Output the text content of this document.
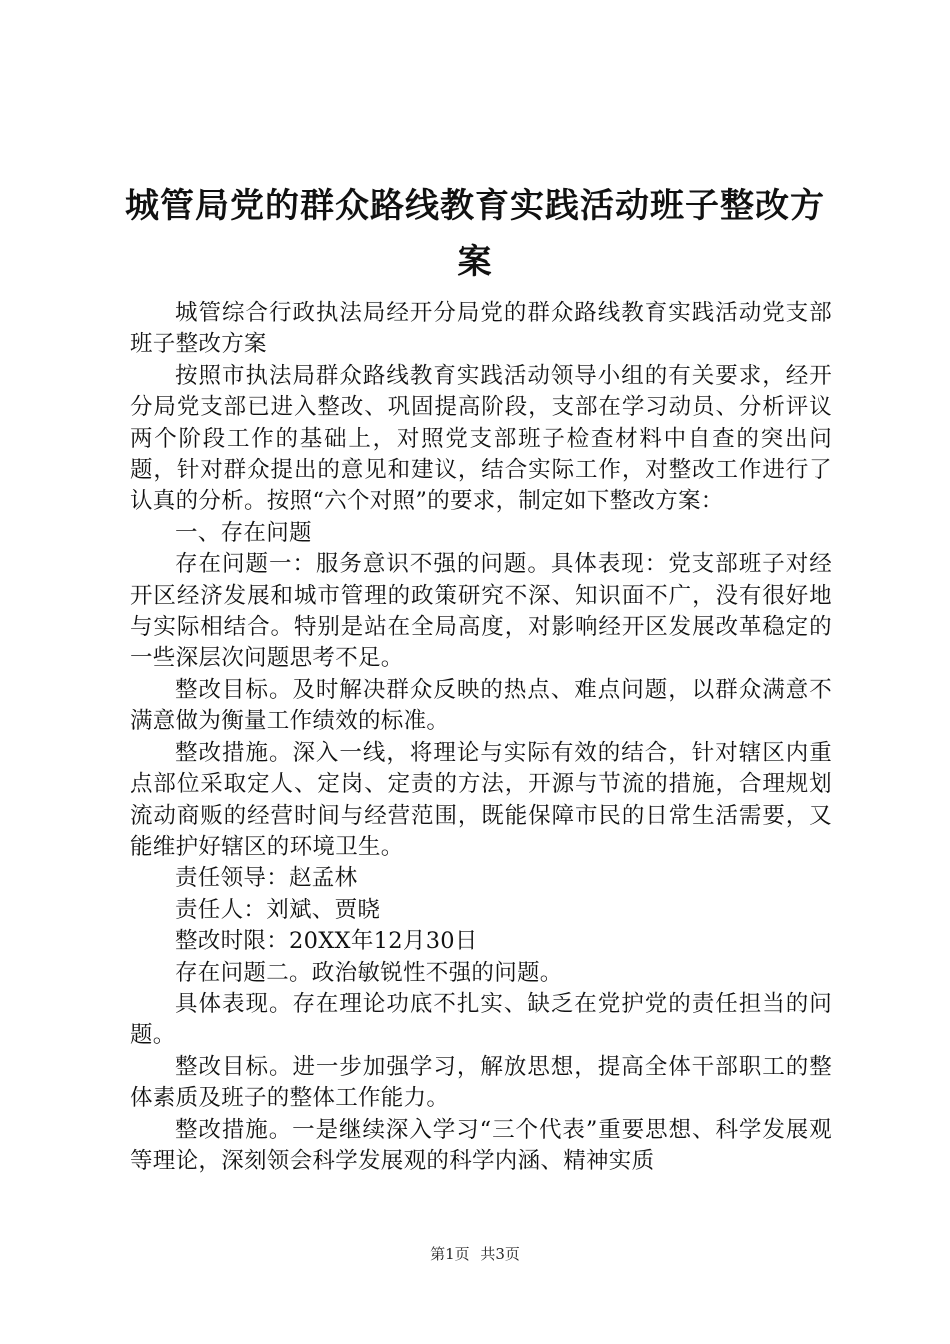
城管局党的群众路线教育实践活动班子整改方案

城管综合行政执法局经开分局党的群众路线教育实践活动党支部班子整改方案

按照市执法局群众路线教育实践活动领导小组的有关要求，经开分局党支部已进入整改、巩固提高阶段，支部在学习动员、分析评议两个阶段工作的基础上，对照党支部班子检查材料中自查的突出问题，针对群众提出的意见和建议，结合实际工作，对整改工作进行了认真的分析。按照“六个对照”的要求，制定如下整改方案：

一、存在问题

存在问题一：服务意识不强的问题。具体表现：党支部班子对经开区经济发展和城市管理的政策研究不深、知识面不广，没有很好地与实际相结合。特别是站在全局高度，对影响经开区发展改革稳定的一些深层次问题思考不足。

整改目标。及时解决群众反映的热点、难点问题，以群众满意不满意做为衡量工作绩效的标准。

整改措施。深入一线，将理论与实际有效的结合，针对辖区内重点部位采取定人、定岗、定责的方法，开源与节流的措施，合理规划流动商贩的经营时间与经营范围，既能保障市民的日常生活需要，又能维护好辖区的环境卫生。

责任领导：赵孟林

责任人：刘斌、贾晓

整改时限：20XX年12月30日

存在问题二。政治敏锐性不强的问题。

具体表现。存在理论功底不扎实、缺乏在党护党的责任担当的问题。

整改目标。进一步加强学习，解放思想，提高全体干部职工的整体素质及班子的整体工作能力。

整改措施。一是继续深入学习“三个代表”重要思想、科学发展观等理论，深刻领会科学发展观的科学内涵、精神实质

第1页 共3页
